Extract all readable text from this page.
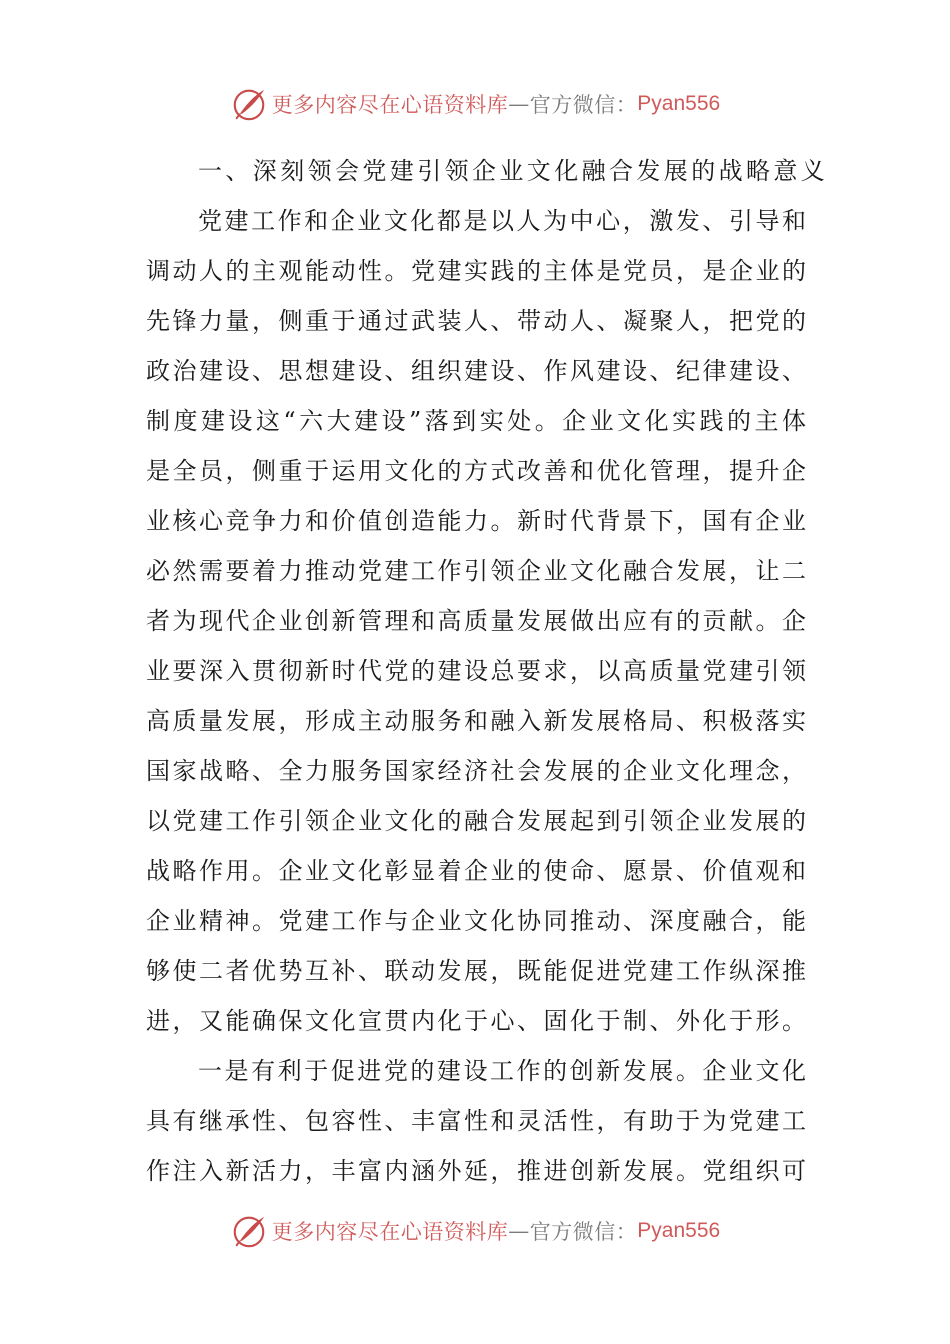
更多内容尽在心语资料库 — 官方微信： Pyan556
一、深刻领会党建引领企业文化融合发展的战略意义
党建工作和企业文化都是以人为中心，激发、引导和
调动人的主观能动性。党建实践的主体是党员，是企业的
先锋力量，侧重于通过武装人、带动人、凝聚人，把党的
政治建设、思想建设、组织建设、作风建设、纪律建设、
制度建设这“六大建设”落到实处。企业文化实践的主体
是全员，侧重于运用文化的方式改善和优化管理，提升企
业核心竞争力和价值创造能力。新时代背景下，国有企业
必然需要着力推动党建工作引领企业文化融合发展，让二
者为现代企业创新管理和高质量发展做出应有的贡献。企
业要深入贯彻新时代党的建设总要求，以高质量党建引领
高质量发展，形成主动服务和融入新发展格局、积极落实
国家战略、全力服务国家经济社会发展的企业文化理念，
以党建工作引领企业文化的融合发展起到引领企业发展的
战略作用。企业文化彰显着企业的使命、愿景、价值观和
企业精神。党建工作与企业文化协同推动、深度融合，能
够使二者优势互补、联动发展，既能促进党建工作纵深推
进，又能确保文化宣贯内化于心、固化于制、外化于形。
一是有利于促进党的建设工作的创新发展。企业文化
具有继承性、包容性、丰富性和灵活性，有助于为党建工
作注入新活力，丰富内涵外延，推进创新发展。党组织可
更多内容尽在心语资料库 — 官方微信： Pyan556
